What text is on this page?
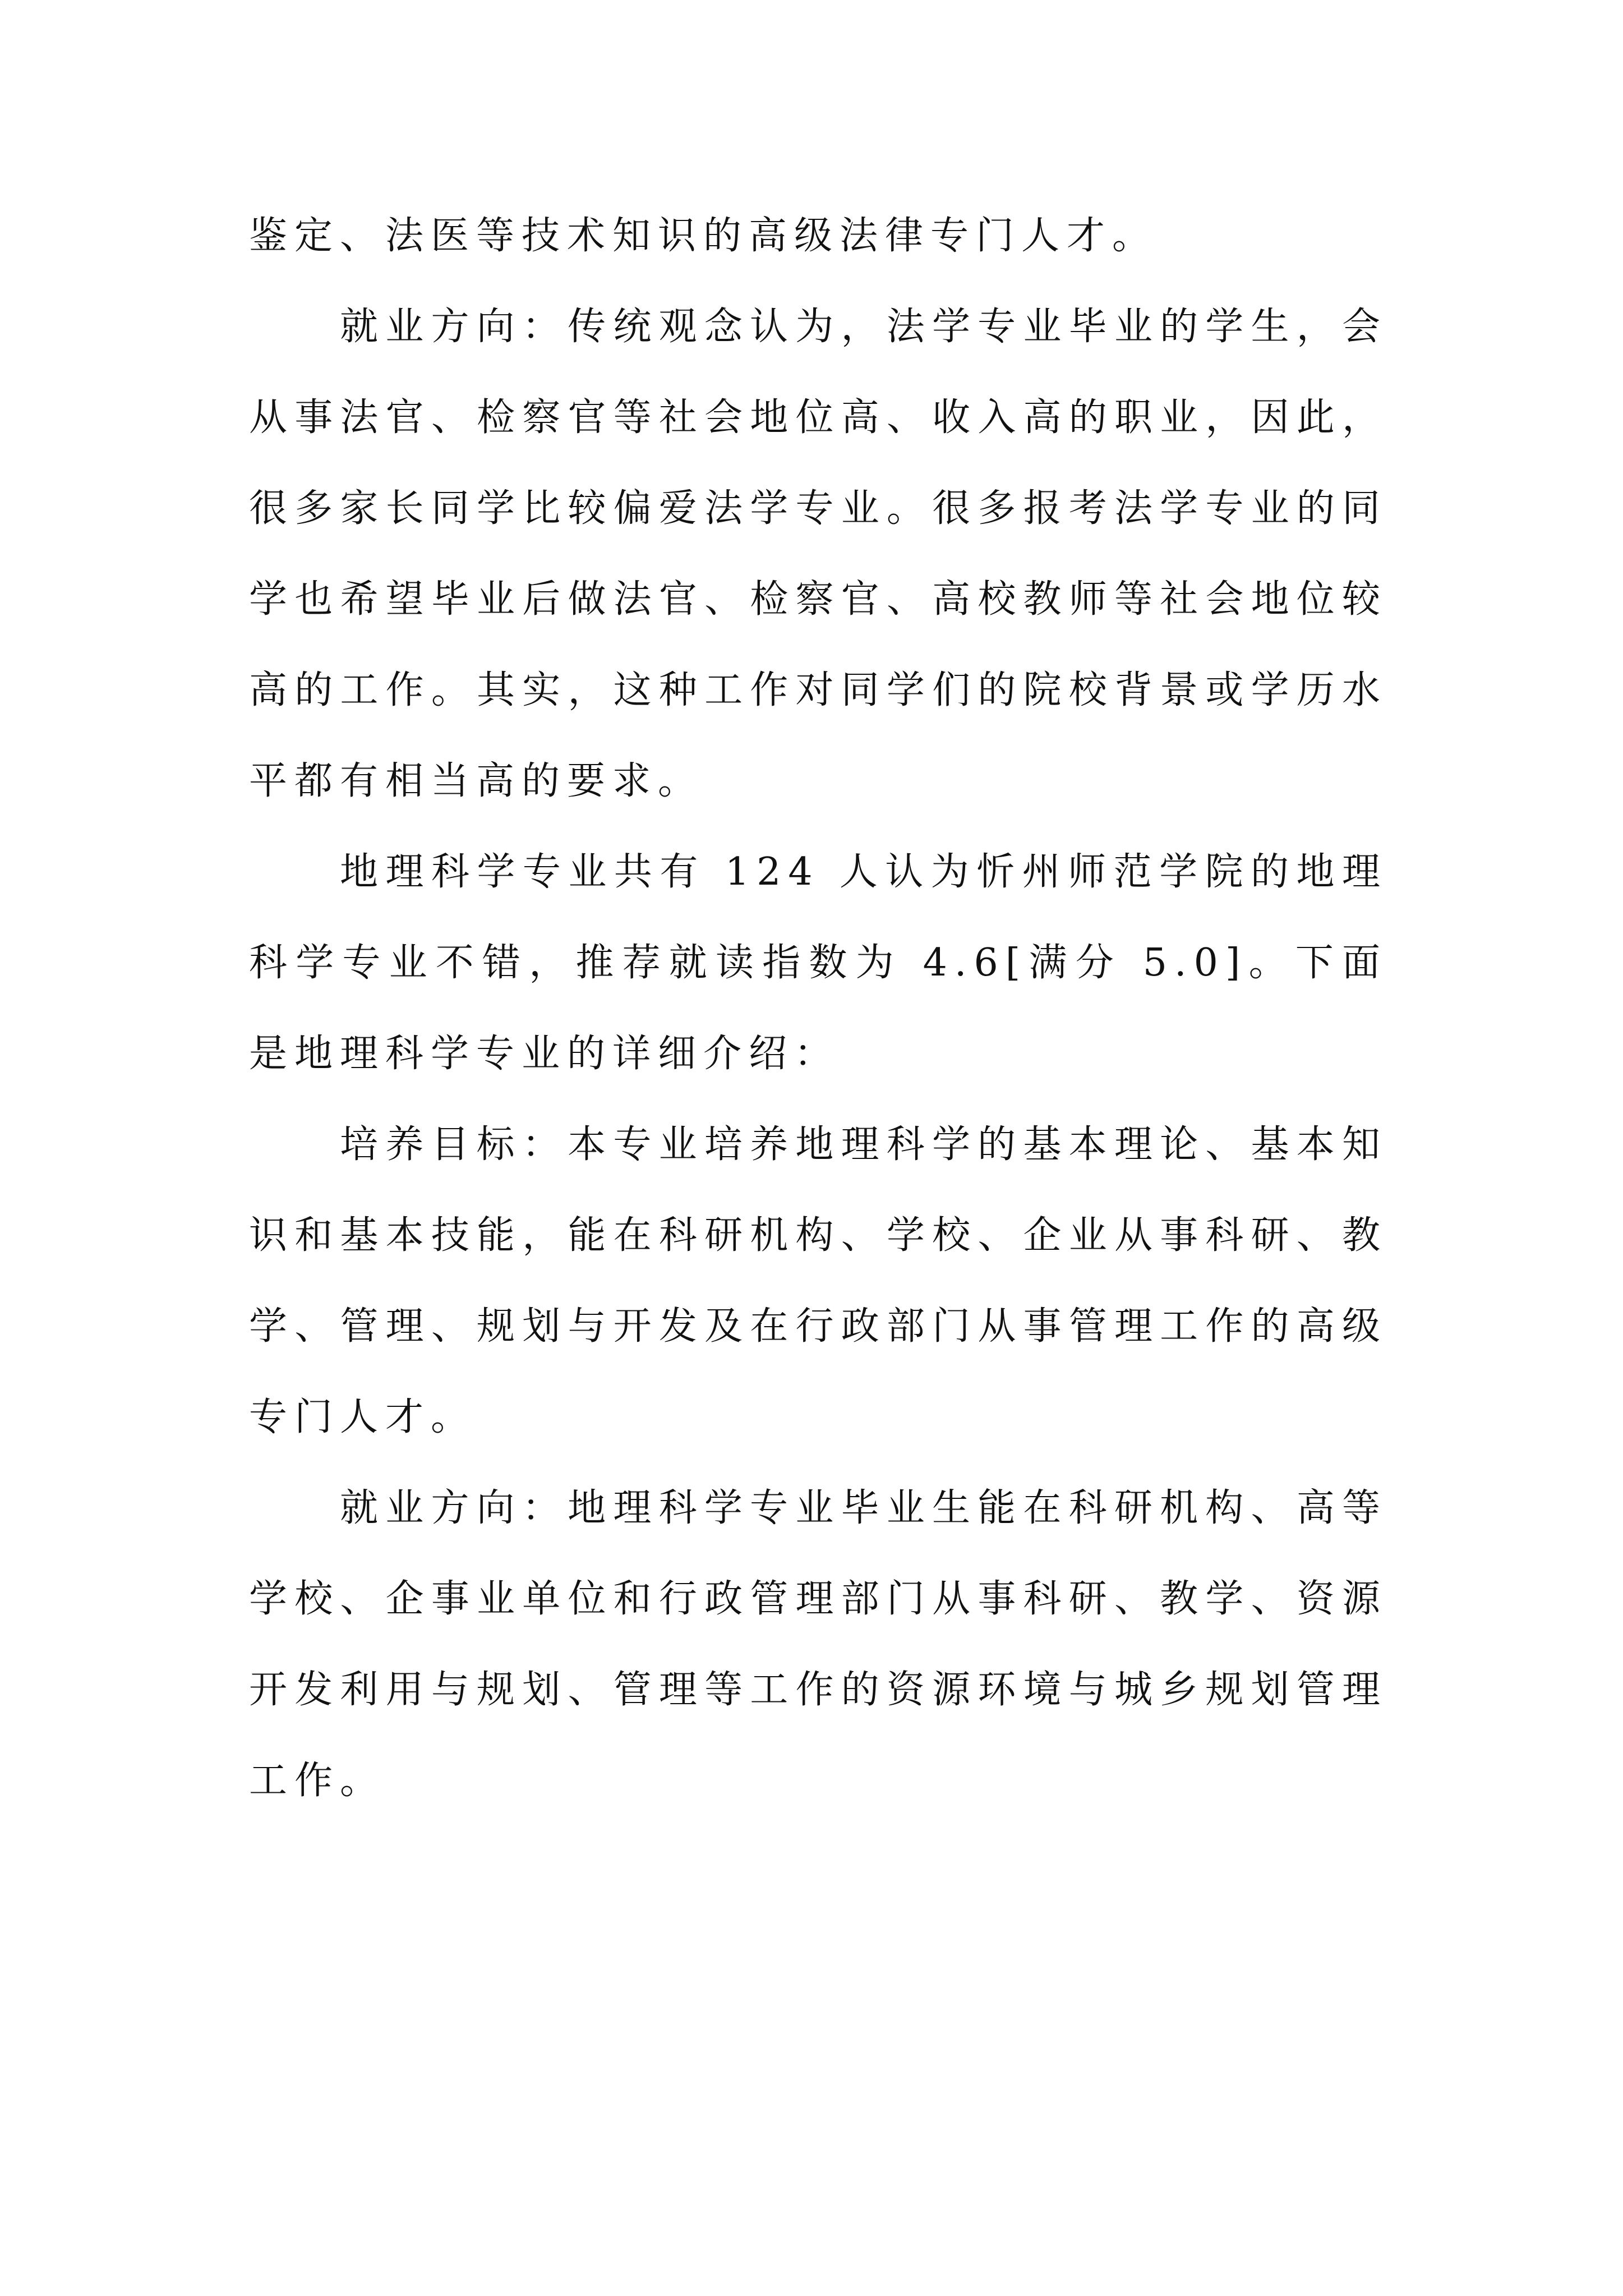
鉴定、法医等技术知识的高级法律专门人才。

就业方向：传统观念认为，法学专业毕业的学生，会从事法官、检察官等社会地位高、收入高的职业，因此，很多家长同学比较偏爱法学专业。很多报考法学专业的同学也希望毕业后做法官、检察官、高校教师等社会地位较高的工作。其实，这种工作对同学们的院校背景或学历水平都有相当高的要求。

地理科学专业共有 124 人认为忻州师范学院的地理科学专业不错，推荐就读指数为 4.6[满分 5.0]。下面是地理科学专业的详细介绍：

培养目标：本专业培养地理科学的基本理论、基本知识和基本技能，能在科研机构、学校、企业从事科研、教学、管理、规划与开发及在行政部门从事管理工作的高级专门人才。

就业方向：地理科学专业毕业生能在科研机构、高等学校、企事业单位和行政管理部门从事科研、教学、资源开发利用与规划、管理等工作的资源环境与城乡规划管理工作。
